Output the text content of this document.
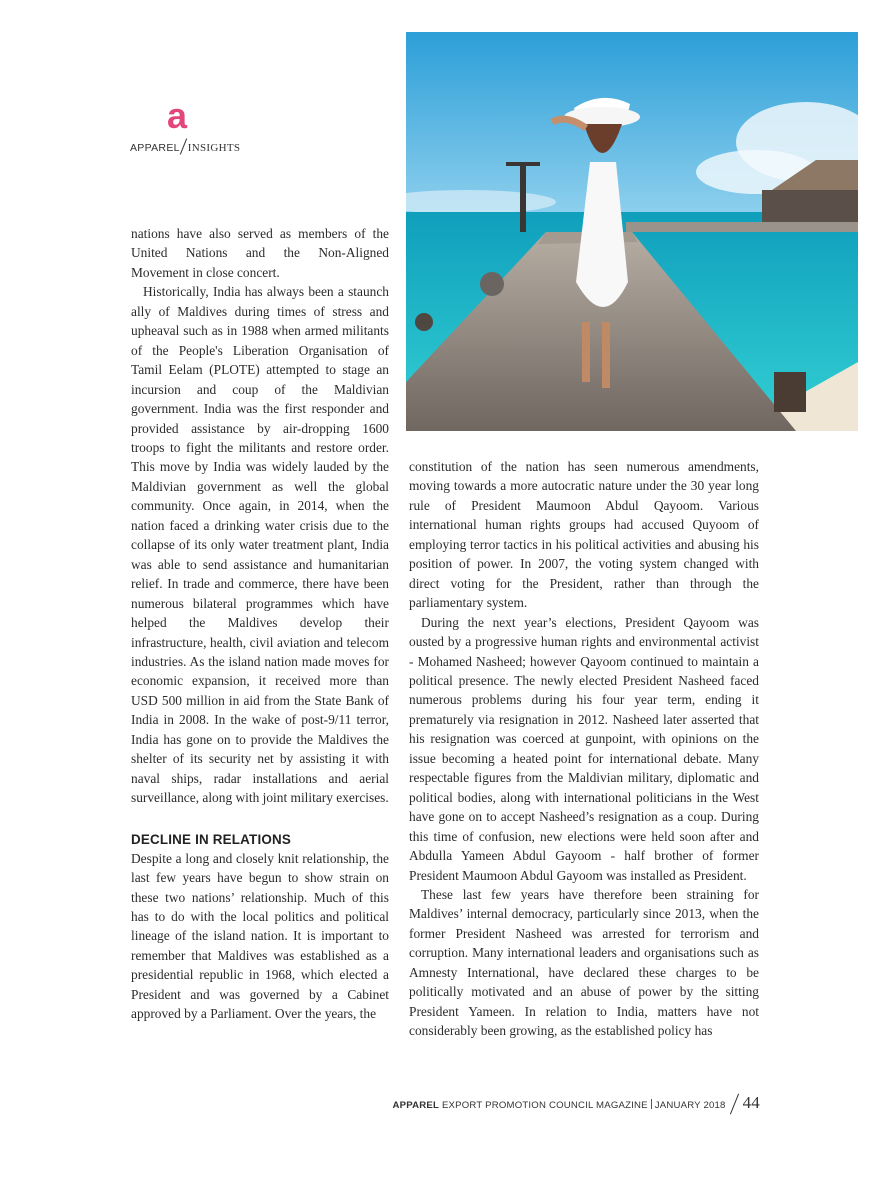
a
APPAREL INSIGHTS

nations have also served as members of the United Nations and the Non-Aligned Movement in close concert.

Historically, India has always been a staunch ally of Maldives during times of stress and upheaval such as in 1988 when armed militants of the People's Liberation Organisation of Tamil Eelam (PLOTE) attempted to stage an incursion and coup of the Maldivian government. India was the first responder and provided assistance by air-dropping 1600 troops to fight the militants and restore order. This move by India was widely lauded by the Maldivian government as well the global community. Once again, in 2014, when the nation faced a drinking water crisis due to the collapse of its only water treatment plant, India was able to send assistance and humanitarian relief. In trade and commerce, there have been numerous bilateral programmes which have helped the Maldives develop their infrastructure, health, civil aviation and telecom industries. As the island nation made moves for economic expansion, it received more than USD 500 million in aid from the State Bank of India in 2008. In the wake of post-9/11 terror, India has gone on to provide the Maldives the shelter of its security net by assisting it with naval ships, radar installations and aerial surveillance, along with joint military exercises.

DECLINE IN RELATIONS

Despite a long and closely knit relationship, the last few years have begun to show strain on these two nations’ relationship. Much of this has to do with the local politics and political lineage of the island nation. It is important to remember that Maldives was established as a presidential republic in 1968, which elected a President and was governed by a Cabinet approved by a Parliament. Over the years, the

constitution of the nation has seen numerous amendments, moving towards a more autocratic nature under the 30 year long rule of President Maumoon Abdul Qayoom. Various international human rights groups had accused Quyoom of employing terror tactics in his political activities and abusing his position of power. In 2007, the voting system changed with direct voting for the President, rather than through the parliamentary system.

During the next year’s elections, President Qayoom was ousted by a progressive human rights and environmental activist - Mohamed Nasheed; however Qayoom continued to maintain a political presence. The newly elected President Nasheed faced numerous problems during his four year term, ending it prematurely via resignation in 2012. Nasheed later asserted that his resignation was coerced at gunpoint, with opinions on the issue becoming a heated point for international debate. Many respectable figures from the Maldivian military, diplomatic and political bodies, along with international politicians in the West have gone on to accept Nasheed’s resignation as a coup. During this time of confusion, new elections were held soon after and Abdulla Yameen Abdul Gayoom - half brother of former President Maumoon Abdul Gayoom was installed as President.

These last few years have therefore been straining for Maldives’ internal democracy, particularly since 2013, when the former President Nasheed was arrested for terrorism and corruption. Many international leaders and organisations such as Amnesty International, have declared these charges to be politically motivated and an abuse of power by the sitting President Yameen. In relation to India, matters have not considerably been growing, as the established policy has

APPAREL EXPORT PROMOTION COUNCIL MAGAZINE JANUARY 2018 44
